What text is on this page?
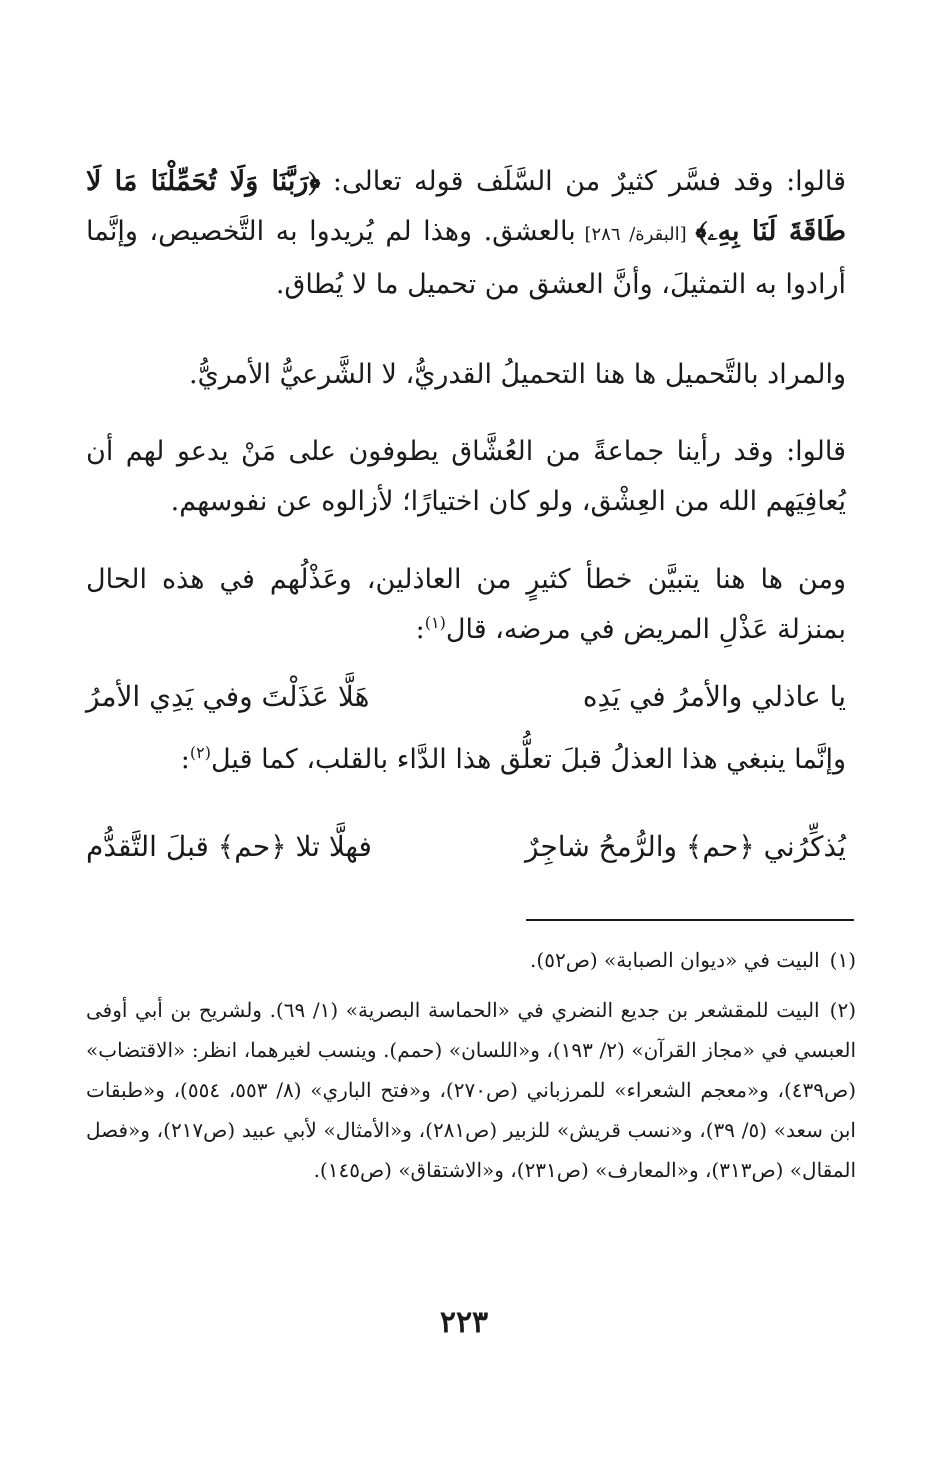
قالوا: وقد فسَّر كثيرٌ من السَّلَف قوله تعالى: ﴿رَبَّنَا وَلَا تُحَمِّلْنَا مَا لَا طَاقَةَ لَنَا بِهِۦ﴾ [البقرة/ ٢٨٦] بالعشق. وهذا لم يُريدوا به التَّخصيص، وإنَّما أرادوا به التمثيلَ، وأنَّ العشق من تحميل ما لا يُطاق.

والمراد بالتَّحميل ها هنا التحميلُ القدريُّ، لا الشَّرعيُّ الأمريُّ.

قالوا: وقد رأينا جماعةً من العُشَّاق يطوفون على مَنْ يدعو لهم أن يُعافِيَهم الله من العِشْق، ولو كان اختيارًا؛ لأزالوه عن نفوسهم.

ومن ها هنا يتبيَّن خطأ كثيرٍ من العاذلين، وعَذْلُهم في هذه الحال بمنزلة عَذْلِ المريض في مرضه، قال$^{(١)}$:

يا عاذلي والأمرُ في يَدِه
هَلَّا عَذَلْتَ وفي يَدِي الأمرُ

وإنَّما ينبغي هذا العذلُ قبلَ تعلُّق هذا الدَّاء بالقلب، كما قيل$^{(٢)}$:

يُذكِّرُني ﴿حم﴾ والرُّمحُ شاجِرٌ
فهلَّا تلا ﴿حم﴾ قبلَ التَّقدُّم

(١)البيت في «ديوان الصبابة» (ص٥٢).

(٢)البيت للمقشعر بن جديع النضري في «الحماسة البصرية» (١/ ٦٩). ولشريح بن أبي أوفى العبسي في «مجاز القرآن» (٢/ ١٩٣)، و«اللسان» (حمم). وينسب لغيرهما، انظر: «الاقتضاب» (ص٤٣٩)، و«معجم الشعراء» للمرزباني (ص٢٧٠)، و«فتح الباري» (٨/ ٥٥٣، ٥٥٤)، و«طبقات ابن سعد» (٥/ ٣٩)، و«نسب قريش» للزبير (ص٢٨١)، و«الأمثال» لأبي عبيد (ص٢١٧)، و«فصل المقال» (ص٣١٣)، و«المعارف» (ص٢٣١)، و«الاشتقاق» (ص١٤٥).

٢٢٣
